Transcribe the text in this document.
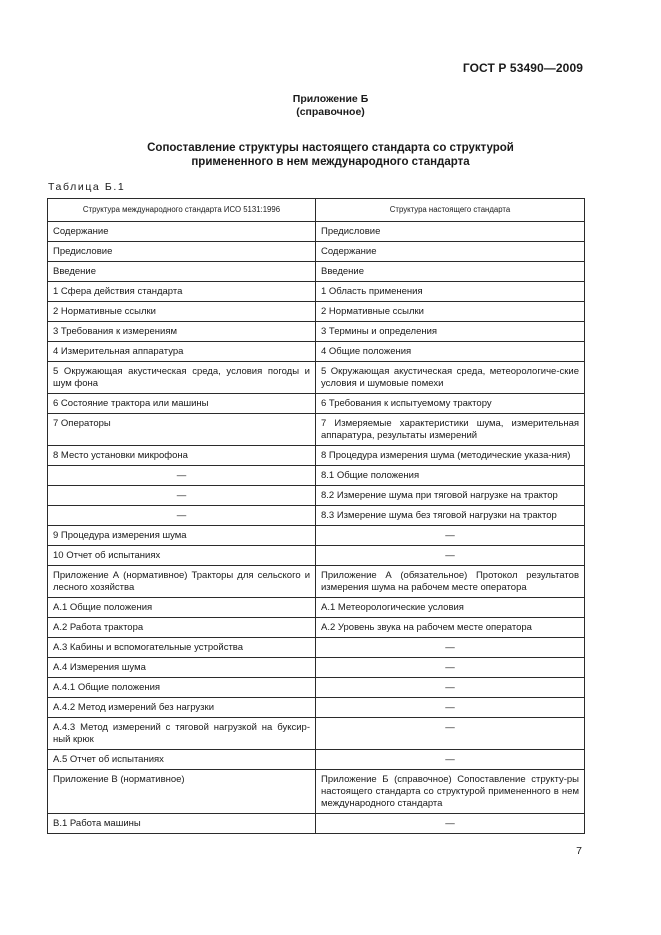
ГОСТ Р 53490—2009
Приложение Б
(справочное)
Сопоставление структуры настоящего стандарта со структурой
примененного в нем международного стандарта
Таблица Б.1
Структура международного стандарта ИСО 5131:1996	Структура настоящего стандарта
Содержание	Предисловие
Предисловие	Содержание
Введение	Введение
1 Сфера действия стандарта	1 Область применения
2 Нормативные ссылки	2 Нормативные ссылки
3 Требования к измерениям	3 Термины и определения
4 Измерительная аппаратура	4 Общие положения
5 Окружающая акустическая среда, условия погоды и шум фона	5 Окружающая акустическая среда, метеорологиче-ские условия и шумовые помехи
6 Состояние трактора или машины	6 Требования к испытуемому трактору
7 Операторы	7 Измеряемые характеристики шума, измерительная аппаратура, результаты измерений
8 Место установки микрофона	8 Процедура измерения шума (методические указа-ния)
—	8.1 Общие положения
—	8.2 Измерение шума при тяговой нагрузке на трактор
—	8.3 Измерение шума без тяговой нагрузки на трактор
9 Процедура измерения шума	—
10 Отчет об испытаниях	—
Приложение А (нормативное) Тракторы для сельского и лесного хозяйства	Приложение А (обязательное) Протокол результатов измерения шума на рабочем месте оператора
А.1 Общие положения	А.1 Метеорологические условия
А.2 Работа трактора	А.2 Уровень звука на рабочем месте оператора
А.3 Кабины и вспомогательные устройства	—
А.4 Измерения шума	—
А.4.1 Общие положения	—
А.4.2 Метод измерений без нагрузки	—
А.4.3 Метод измерений с тяговой нагрузкой на буксир-ный крюк	—
А.5 Отчет об испытаниях	—
Приложение В (нормативное)	Приложение Б (справочное) Сопоставление структу-ры настоящего стандарта со структурой примененного в нем международного стандарта
В.1 Работа машины	—
7
